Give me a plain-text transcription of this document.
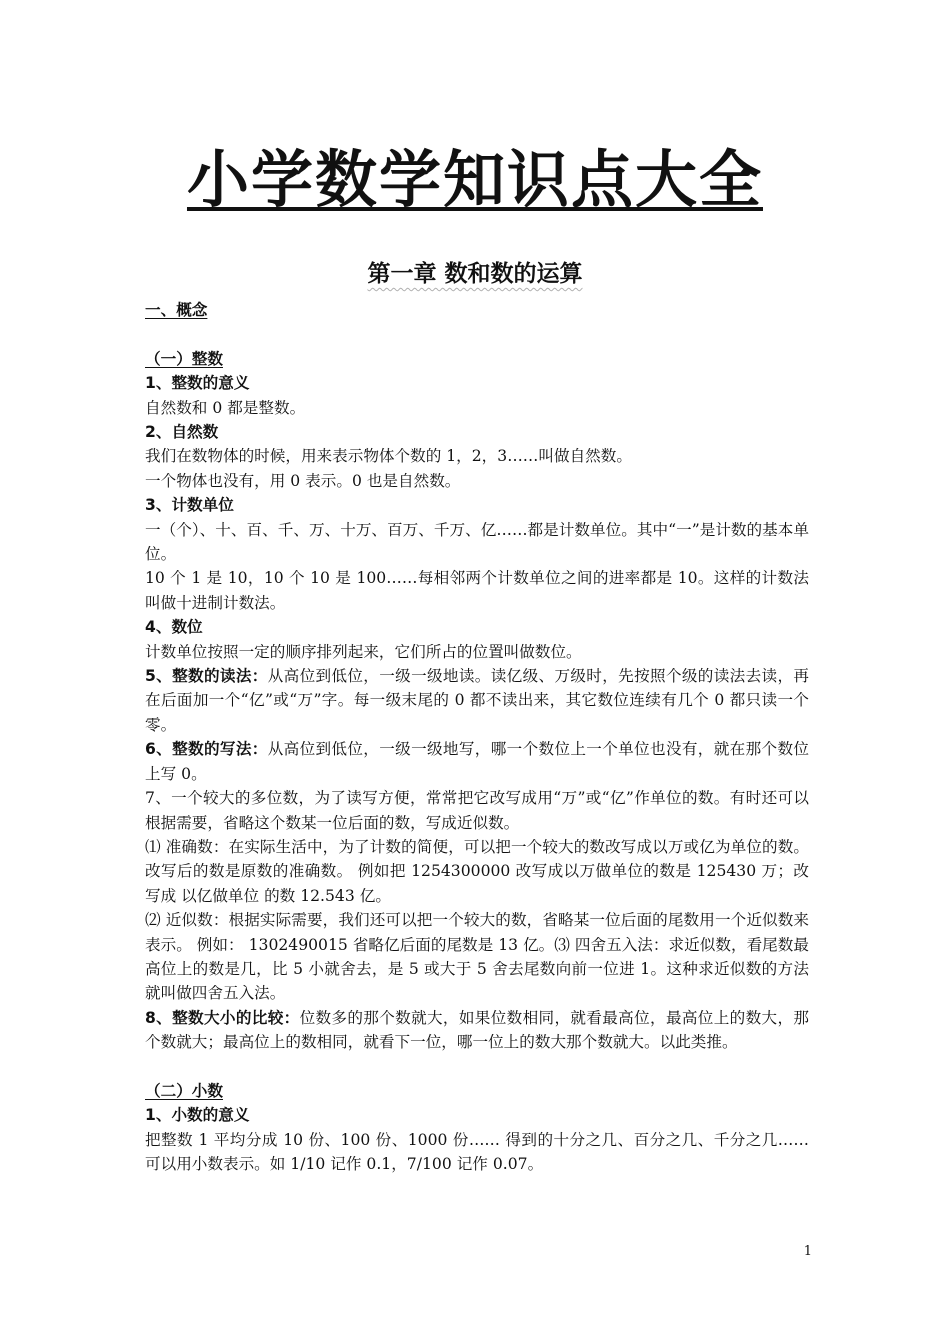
小学数学知识点大全
第一章 数和数的运算

一、概念

（一）整数

1、整数的意义

自然数和 0 都是整数。

2、自然数

我们在数物体的时候，用来表示物体个数的 1，2，3……叫做自然数。

一个物体也没有，用 0 表示。0 也是自然数。

3、计数单位

一（个）、十、百、千、万、十万、百万、千万、亿……都是计数单位。其中“一”是计数的基本单位。

10 个 1 是 10，10 个 10 是 100……每相邻两个计数单位之间的进率都是 10。这样的计数法叫做十进制计数法。

4、数位

计数单位按照一定的顺序排列起来，它们所占的位置叫做数位。

5、整数的读法：从高位到低位，一级一级地读。读亿级、万级时，先按照个级的读法去读，再在后面加一个“亿”或“万”字。每一级末尾的 0 都不读出来，其它数位连续有几个 0 都只读一个零。

6、整数的写法：从高位到低位，一级一级地写，哪一个数位上一个单位也没有，就在那个数位上写 0。

7、一个较大的多位数，为了读写方便，常常把它改写成用“万”或“亿”作单位的数。有时还可以根据需要，省略这个数某一位后面的数，写成近似数。

⑴ 准确数：在实际生活中，为了计数的简便，可以把一个较大的数改写成以万或亿为单位的数。改写后的数是原数的准确数。 例如把 1254300000 改写成以万做单位的数是 125430 万；改写成 以亿做单位 的数 12.543 亿。

⑵ 近似数：根据实际需要，我们还可以把一个较大的数，省略某一位后面的尾数用一个近似数来表示。 例如： 1302490015 省略亿后面的尾数是 13 亿。⑶ 四舍五入法：求近似数，看尾数最高位上的数是几，比 5 小就舍去，是 5 或大于 5 舍去尾数向前一位进 1。这种求近似数的方法就叫做四舍五入法。

8、整数大小的比较：位数多的那个数就大，如果位数相同，就看最高位，最高位上的数大，那个数就大；最高位上的数相同，就看下一位，哪一位上的数大那个数就大。以此类推。

（二）小数

1、小数的意义

把整数 1 平均分成 10 份、100 份、1000 份…… 得到的十分之几、百分之几、千分之几…… 可以用小数表示。如 1/10 记作 0.1，7/100 记作 0.07。

1
